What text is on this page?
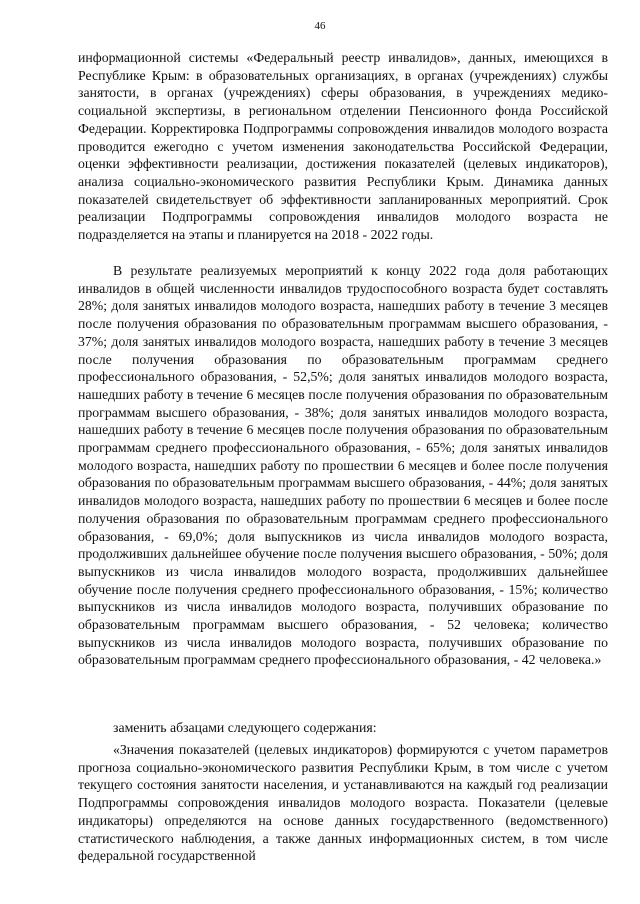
46

информационной системы «Федеральный реестр инвалидов», данных, имеющихся в Республике Крым: в образовательных организациях, в органах (учреждениях) службы занятости, в органах (учреждениях) сферы образования, в учреждениях медико-социальной экспертизы, в региональном отделении Пенсионного фонда Российской Федерации. Корректировка Подпрограммы сопровождения инвалидов молодого возраста проводится ежегодно с учетом изменения законодательства Российской Федерации, оценки эффективности реализации, достижения показателей (целевых индикаторов), анализа социально-экономического развития Республики Крым. Динамика данных показателей свидетельствует об эффективности запланированных мероприятий. Срок реализации Подпрограммы сопровождения инвалидов молодого возраста не подразделяется на этапы и планируется на 2018 - 2022 годы.

В результате реализуемых мероприятий к концу 2022 года доля работающих инвалидов в общей численности инвалидов трудоспособного возраста будет составлять 28%; доля занятых инвалидов молодого возраста, нашедших работу в течение 3 месяцев после получения образования по образовательным программам высшего образования, - 37%; доля занятых инвалидов молодого возраста, нашедших работу в течение 3 месяцев после получения образования по образовательным программам среднего профессионального образования, - 52,5%; доля занятых инвалидов молодого возраста, нашедших работу в течение 6 месяцев после получения образования по образовательным программам высшего образования, - 38%; доля занятых инвалидов молодого возраста, нашедших работу в течение 6 месяцев после получения образования по образовательным программам среднего профессионального образования, - 65%; доля занятых инвалидов молодого возраста, нашедших работу по прошествии 6 месяцев и более после получения образования по образовательным программам высшего образования, - 44%; доля занятых инвалидов молодого возраста, нашедших работу по прошествии 6 месяцев и более после получения образования по образовательным программам среднего профессионального образования, - 69,0%; доля выпускников из числа инвалидов молодого возраста, продолживших дальнейшее обучение после получения высшего образования, - 50%; доля выпускников из числа инвалидов молодого возраста, продолживших дальнейшее обучение после получения среднего профессионального образования, - 15%; количество выпускников из числа инвалидов молодого возраста, получивших образование по образовательным программам высшего образования, - 52 человека; количество выпускников из числа инвалидов молодого возраста, получивших образование по образовательным программам среднего профессионального образования, - 42 человека.»

заменить абзацами следующего содержания:

«Значения показателей (целевых индикаторов) формируются с учетом параметров прогноза социально-экономического развития Республики Крым, в том числе с учетом текущего состояния занятости населения, и устанавливаются на каждый год реализации Подпрограммы сопровождения инвалидов молодого возраста. Показатели (целевые индикаторы) определяются на основе данных государственного (ведомственного) статистического наблюдения, а также данных информационных систем, в том числе федеральной государственной
